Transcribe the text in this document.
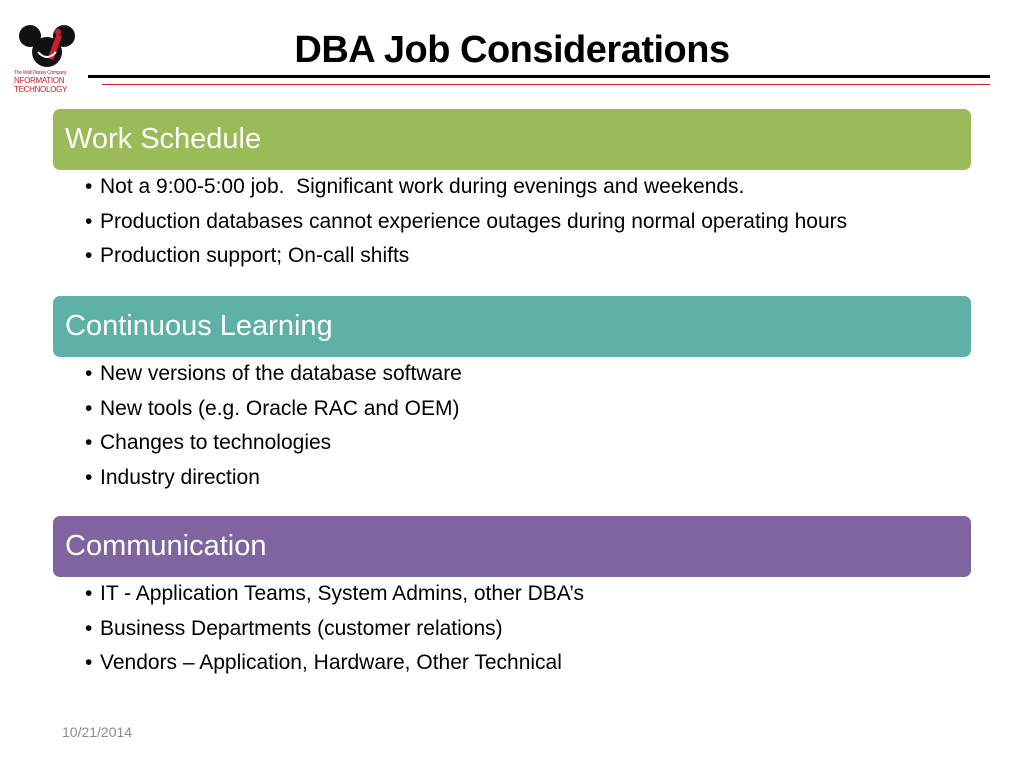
The Walt Disney Company
NFORMATION
TECHNOLOGY
DBA Job Considerations
Work Schedule
• Not a 9:00-5:00 job.  Significant work during evenings and weekends.
• Production databases cannot experience outages during normal operating hours
• Production support; On-call shifts
Continuous Learning
• New versions of the database software
• New tools (e.g. Oracle RAC and OEM)
• Changes to technologies
• Industry direction
Communication
• IT - Application Teams, System Admins, other DBA’s
• Business Departments (customer relations)
• Vendors – Application, Hardware, Other Technical
10/21/2014
